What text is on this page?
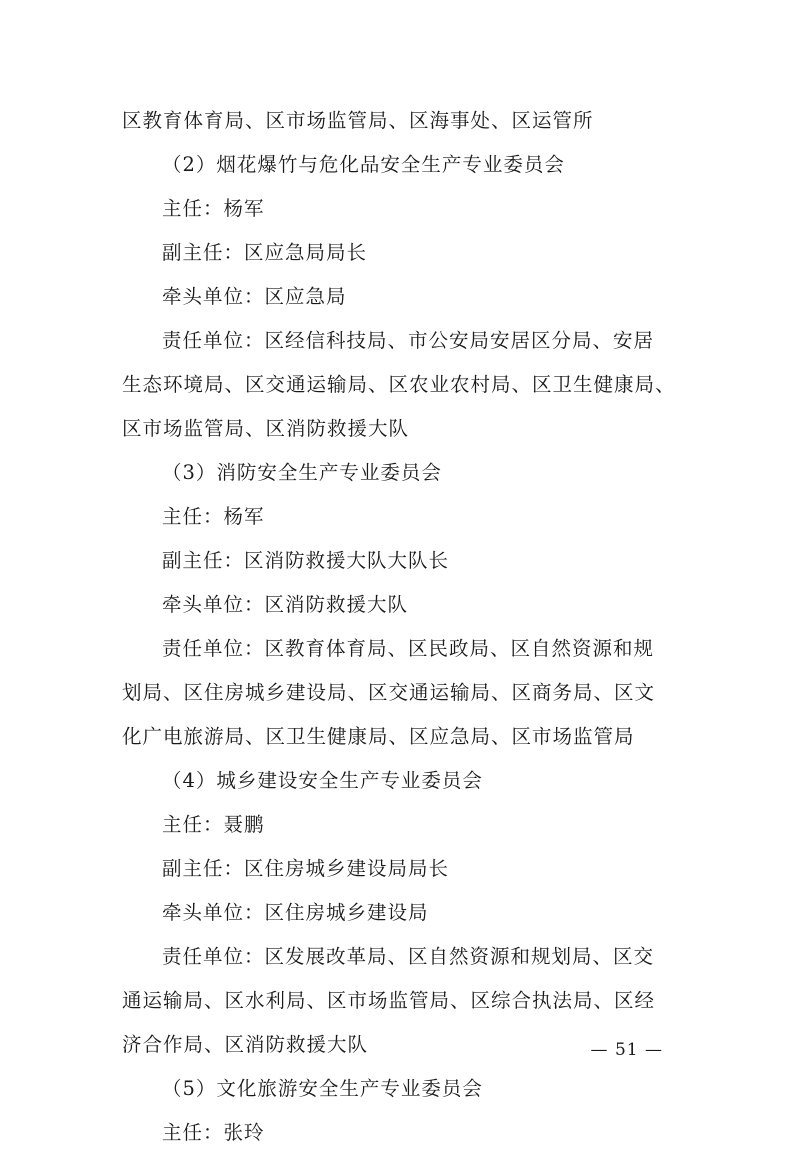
区教育体育局、区市场监管局、区海事处、区运管所
（2）烟花爆竹与危化品安全生产专业委员会
主任：杨军
副主任：区应急局局长
牵头单位：区应急局
责任单位：区经信科技局、市公安局安居区分局、安居
生态环境局、区交通运输局、区农业农村局、区卫生健康局、
区市场监管局、区消防救援大队
（3）消防安全生产专业委员会
主任：杨军
副主任：区消防救援大队大队长
牵头单位：区消防救援大队
责任单位：区教育体育局、区民政局、区自然资源和规
划局、区住房城乡建设局、区交通运输局、区商务局、区文
化广电旅游局、区卫生健康局、区应急局、区市场监管局
（4）城乡建设安全生产专业委员会
主任：聂鹏
副主任：区住房城乡建设局局长
牵头单位：区住房城乡建设局
责任单位：区发展改革局、区自然资源和规划局、区交
通运输局、区水利局、区市场监管局、区综合执法局、区经
济合作局、区消防救援大队
（5）文化旅游安全生产专业委员会
主任：张玲
— 51 —
